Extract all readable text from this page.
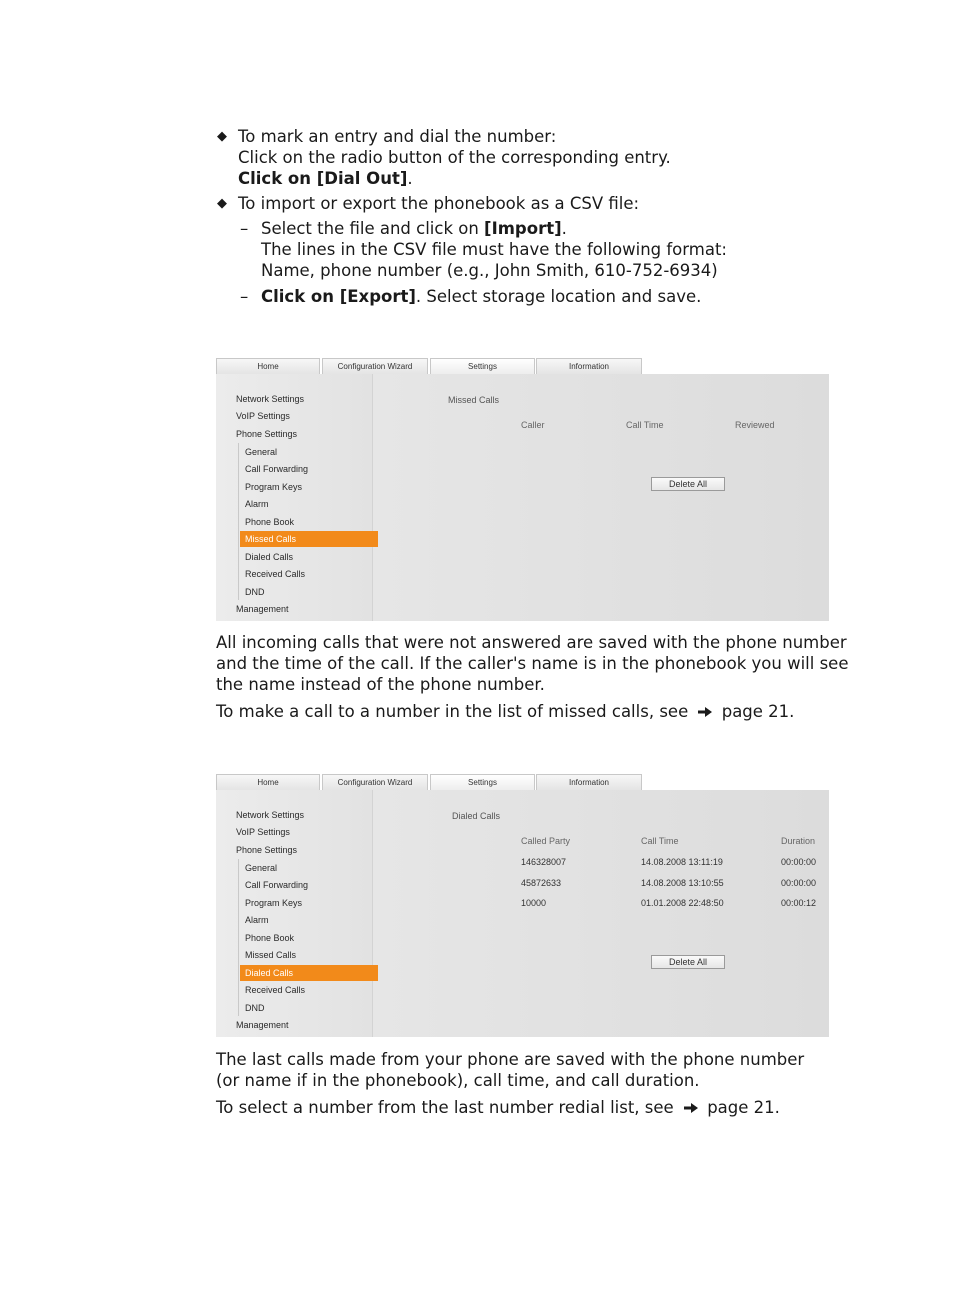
◆ To mark an entry and dial the number:
Click on the radio button of the corresponding entry.
Click on [Dial Out].
◆ To import or export the phonebook as a CSV file:
– Select the file and click on [Import].
The lines in the CSV file must have the following format:
Name, phone number (e.g., John Smith, 610-752-6934)
– Click on [Export]. Select storage location and save.
Home	Configuration Wizard	Settings	Information
Network Settings
VoIP Settings
Phone Settings
General
Call Forwarding
Program Keys
Alarm
Phone Book
Missed Calls
Dialed Calls
Received Calls
DND
Management
Missed Calls
Caller	Call Time	Reviewed
Delete All
All incoming calls that were not answered are saved with the phone number
and the time of the call. If the caller's name is in the phonebook you will see
the name instead of the phone number.
To make a call to a number in the list of missed calls, see page 21.
Home	Configuration Wizard	Settings	Information
Network Settings
VoIP Settings
Phone Settings
General
Call Forwarding
Program Keys
Alarm
Phone Book
Missed Calls
Dialed Calls
Received Calls
DND
Management
Dialed Calls
Called Party	Call Time	Duration
146328007	14.08.2008 13:11:19	00:00:00
45872633	14.08.2008 13:10:55	00:00:00
10000	01.01.2008 22:48:50	00:00:12
Delete All
The last calls made from your phone are saved with the phone number
(or name if in the phonebook), call time, and call duration.
To select a number from the last number redial list, see page 21.
